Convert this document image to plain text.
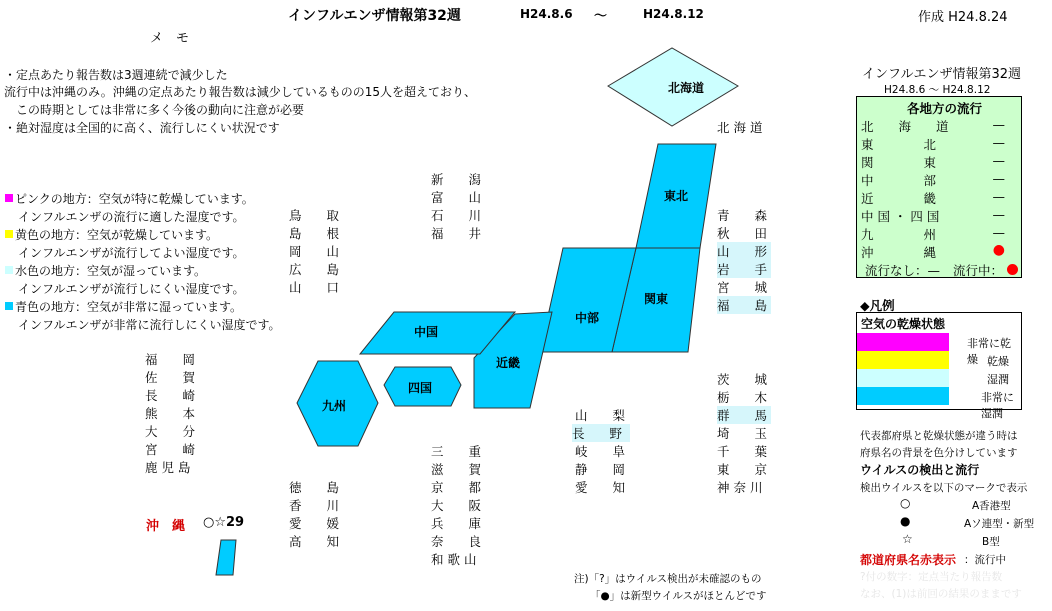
インフルエンザ情報第32週	H24.8.6 ～	H24.8.12	作成 H24.8.24
メ　モ
・定点あたり報告数は3週連続で減少した
流行中は沖縄のみ。沖縄の定点あたり報告数は減少しているものの15人を超えており、
　この時期としては非常に多く今後の動向に注意が必要
・絶対湿度は全国的に高く、流行しにくい状況です
ピンクの地方：空気が特に乾燥しています。
インフルエンザの流行に適した湿度です。
黄色の地方：空気が乾燥しています。
インフルエンザが流行してよい湿度です。
水色の地方：空気が湿っています。
インフルエンザが流行しにくい湿度です。
青色の地方：空気が非常に湿っています。
インフルエンザが非常に流行しにくい湿度です。
北海道
東北
関東
中部
近畿
中国
四国
九州
北 海 道
青　　森
秋　　田
山　　形
岩　　手
宮　　城
福　　島
新　　潟
富　　山
石　　川
福　　井
鳥　　取
島　　根
岡　　山
広　　島
山　　口
福　　岡
佐　　賀
長　　崎
熊　　本
大　　分
宮　　崎
鹿 児 島
徳　　島
香　　川
愛　　媛
高　　知
三　　重
滋　　賀
京　　都
大　　阪
兵　　庫
奈　　良
和 歌 山
山　　梨
長　　野
岐　　阜
静　　岡
愛　　知
茨　　城
栃　　木
群　　馬
埼　　玉
千　　葉
東　　京
神 奈 川
沖　縄 ○☆29
注)「?」はウイルス検出が未確認のもの
「●」は新型ウイルスがほとんどです
インフルエンザ情報第32週
H24.8.6 ～ H24.8.12
各地方の流行
北　　海　　道	—
東　　　　北	—
関　　　　東	—
中　　　　部	—
近　　　　畿	—
中 国 ・ 四 国	—
九　　　　州	—
沖　　　　縄	●
流行なし：— 流行中：
◆凡例
空気の乾燥状態
非常に乾燥 乾燥
湿潤
非常に湿潤
代表都府県と乾燥状態が違う時は
府県名の背景を色分けしています
ウイルスの検出と流行
検出ウイルスを以下のマークで表示
○	A香港型
●	Aソ連型・新型
☆	B型
都道府県名赤表示 ：流行中
?付の数字：定点当たり報告数
なお、(1)は前回の結果のままです
